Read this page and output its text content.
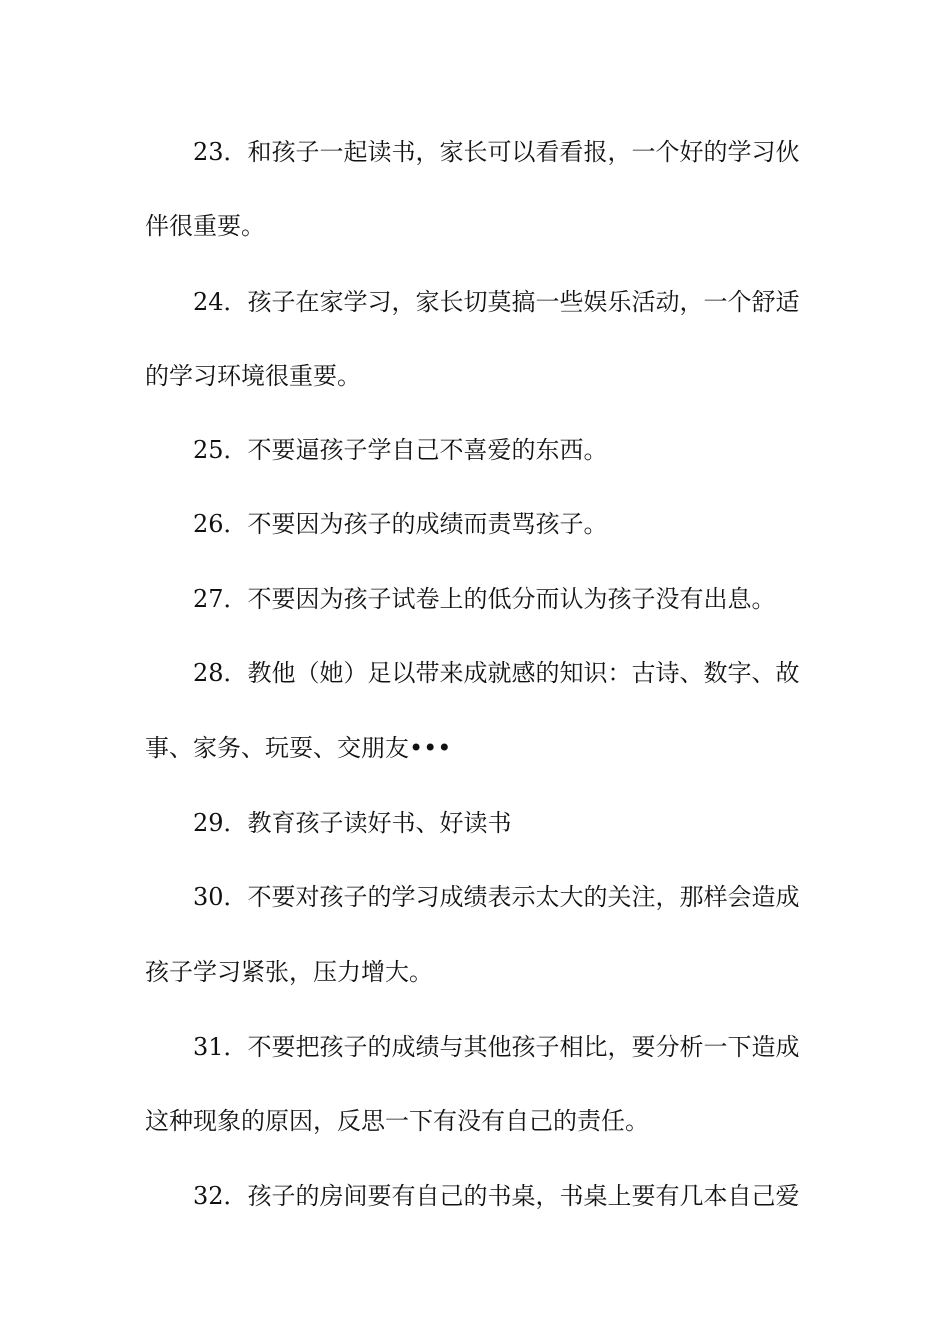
23．和孩子一起读书，家长可以看看报，一个好的学习伙
伴很重要。
24．孩子在家学习，家长切莫搞一些娱乐活动，一个舒适
的学习环境很重要。
25．不要逼孩子学自己不喜爱的东西。
26．不要因为孩子的成绩而责骂孩子。
27．不要因为孩子试卷上的低分而认为孩子没有出息。
28．教他（她）足以带来成就感的知识：古诗、数字、故
事、家务、玩耍、交朋友•••
29．教育孩子读好书、好读书
30．不要对孩子的学习成绩表示太大的关注，那样会造成
孩子学习紧张，压力增大。
31．不要把孩子的成绩与其他孩子相比，要分析一下造成
这种现象的原因，反思一下有没有自己的责任。
32．孩子的房间要有自己的书桌，书桌上要有几本自己爱
